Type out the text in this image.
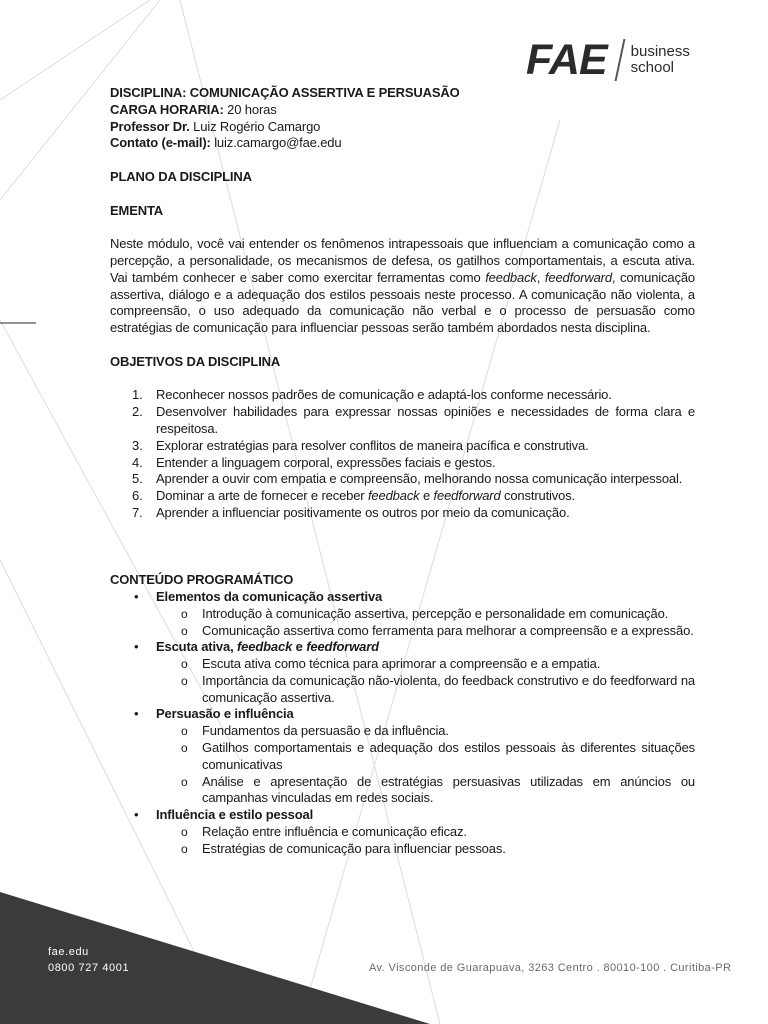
FAE business
school

DISCIPLINA: COMUNICAÇÃO ASSERTIVA E PERSUASÃO

CARGA HORARIA: 20 horas

Professor Dr. Luiz Rogério Camargo

Contato (e-mail): luiz.camargo@fae.edu

PLANO DA DISCIPLINA

EMENTA

Neste módulo, você vai entender os fenômenos intrapessoais que influenciam a comunicação como a percepção, a personalidade, os mecanismos de defesa, os gatilhos comportamentais, a escuta ativa. Vai também conhecer e saber como exercitar ferramentas como feedback, feedforward, comunicação assertiva, diálogo e a adequação dos estilos pessoais neste processo. A comunicação não violenta, a compreensão, o uso adequado da comunicação não verbal e o processo de persuasão como estratégias de comunicação para influenciar pessoas serão também abordados nesta disciplina.

OBJETIVOS DA DISCIPLINA

1. Reconhecer nossos padrões de comunicação e adaptá-los conforme necessário.
2. Desenvolver habilidades para expressar nossas opiniões e necessidades de forma clara e respeitosa.
3. Explorar estratégias para resolver conflitos de maneira pacífica e construtiva.
4. Entender a linguagem corporal, expressões faciais e gestos.
5. Aprender a ouvir com empatia e compreensão, melhorando nossa comunicação interpessoal.
6. Dominar a arte de fornecer e receber feedback e feedforward construtivos.
7. Aprender a influenciar positivamente os outros por meio da comunicação.

CONTEÚDO PROGRAMÁTICO

• Elementos da comunicação assertiva
o Introdução à comunicação assertiva, percepção e personalidade em comunicação.
o Comunicação assertiva como ferramenta para melhorar a compreensão e a expressão.
• Escuta ativa, feedback e feedforward
o Escuta ativa como técnica para aprimorar a compreensão e a empatia.
o Importância da comunicação não-violenta, do feedback construtivo e do feedforward na comunicação assertiva.
• Persuasão e influência
o Fundamentos da persuasão e da influência.
o Gatilhos comportamentais e adequação dos estilos pessoais às diferentes situações comunicativas
o Análise e apresentação de estratégias persuasivas utilizadas em anúncios ou campanhas vinculadas em redes sociais.
• Influência e estilo pessoal
o Relação entre influência e comunicação eficaz.
o Estratégias de comunicação para influenciar pessoas.
fae.edu
0800 727 4001	Av. Visconde de Guarapuava, 3263 Centro . 80010-100 . Curitiba-PR
